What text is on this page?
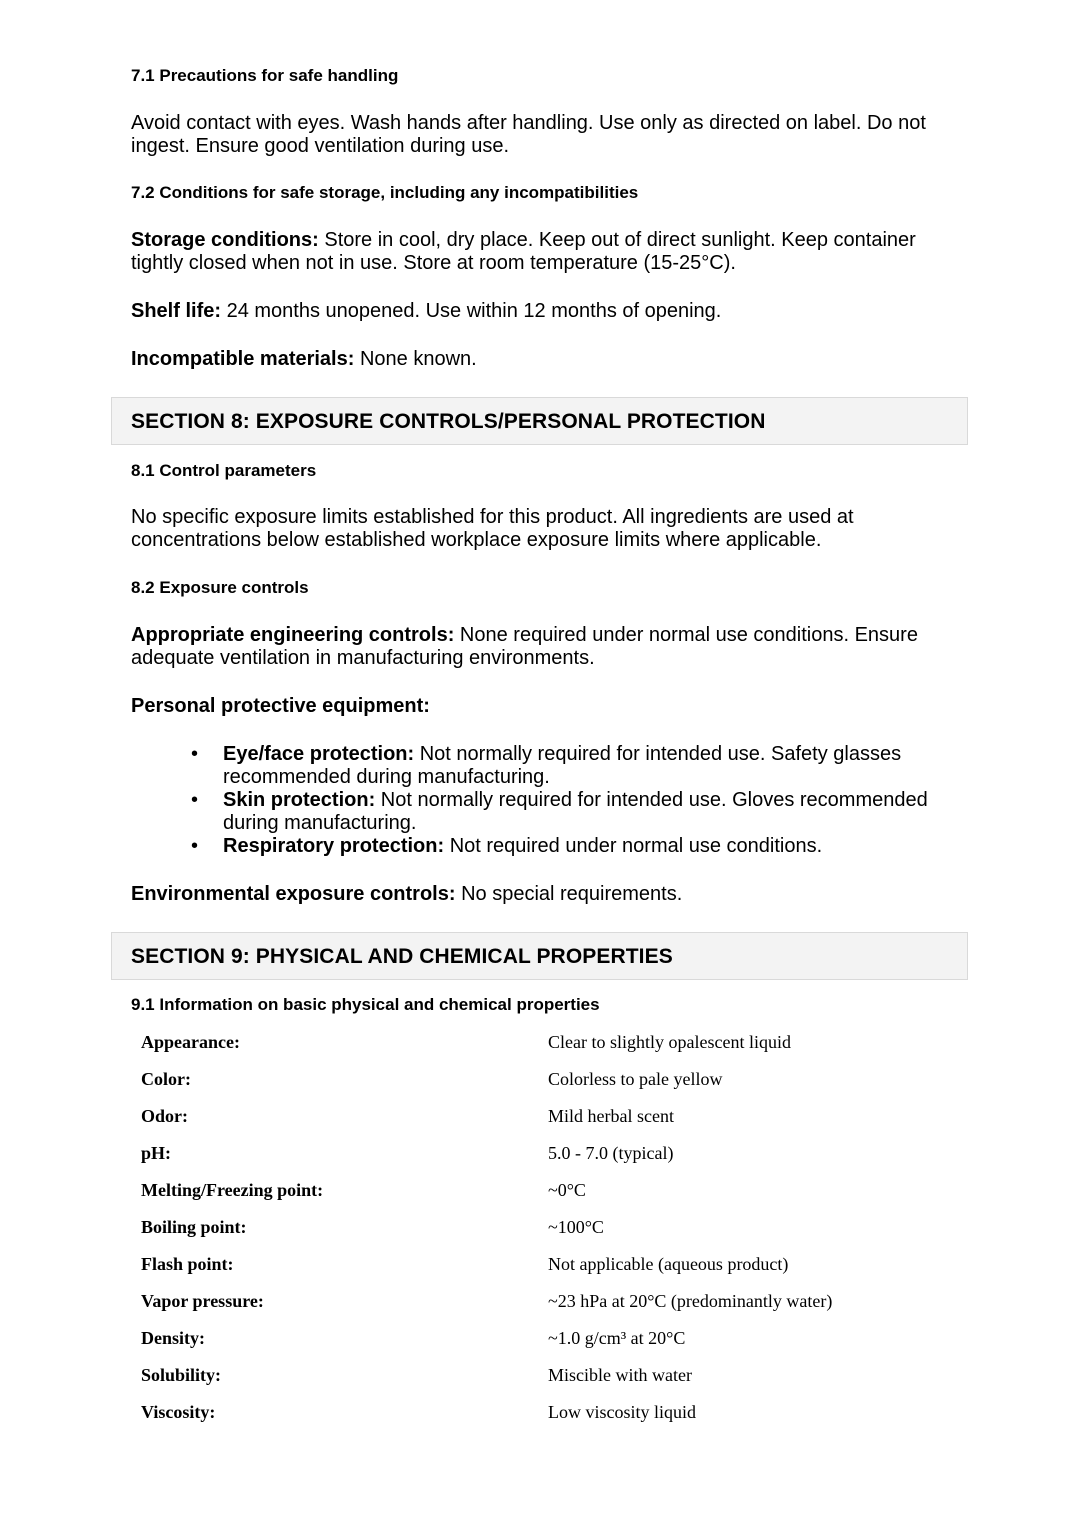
7.1 Precautions for safe handling

Avoid contact with eyes. Wash hands after handling. Use only as directed on label. Do not ingest. Ensure good ventilation during use.

7.2 Conditions for safe storage, including any incompatibilities

Storage conditions: Store in cool, dry place. Keep out of direct sunlight. Keep container tightly closed when not in use. Store at room temperature (15-25°C).

Shelf life: 24 months unopened. Use within 12 months of opening.

Incompatible materials: None known.

SECTION 8: EXPOSURE CONTROLS/PERSONAL PROTECTION
8.1 Control parameters

No specific exposure limits established for this product. All ingredients are used at concentrations below established workplace exposure limits where applicable.

8.2 Exposure controls

Appropriate engineering controls: None required under normal use conditions. Ensure adequate ventilation in manufacturing environments.

Personal protective equipment:

• Eye/face protection: Not normally required for intended use. Safety glasses recommended during manufacturing.
• Skin protection: Not normally required for intended use. Gloves recommended during manufacturing.
• Respiratory protection: Not required under normal use conditions.

Environmental exposure controls: No special requirements.

SECTION 9: PHYSICAL AND CHEMICAL PROPERTIES
9.1 Information on basic physical and chemical properties
Appearance:	Clear to slightly opalescent liquid
Color:	Colorless to pale yellow
Odor:	Mild herbal scent
pH:	5.0 - 7.0 (typical)
Melting/Freezing point:	~0°C
Boiling point:	~100°C
Flash point:	Not applicable (aqueous product)
Vapor pressure:	~23 hPa at 20°C (predominantly water)
Density:	~1.0 g/cm³ at 20°C
Solubility:	Miscible with water
Viscosity:	Low viscosity liquid
